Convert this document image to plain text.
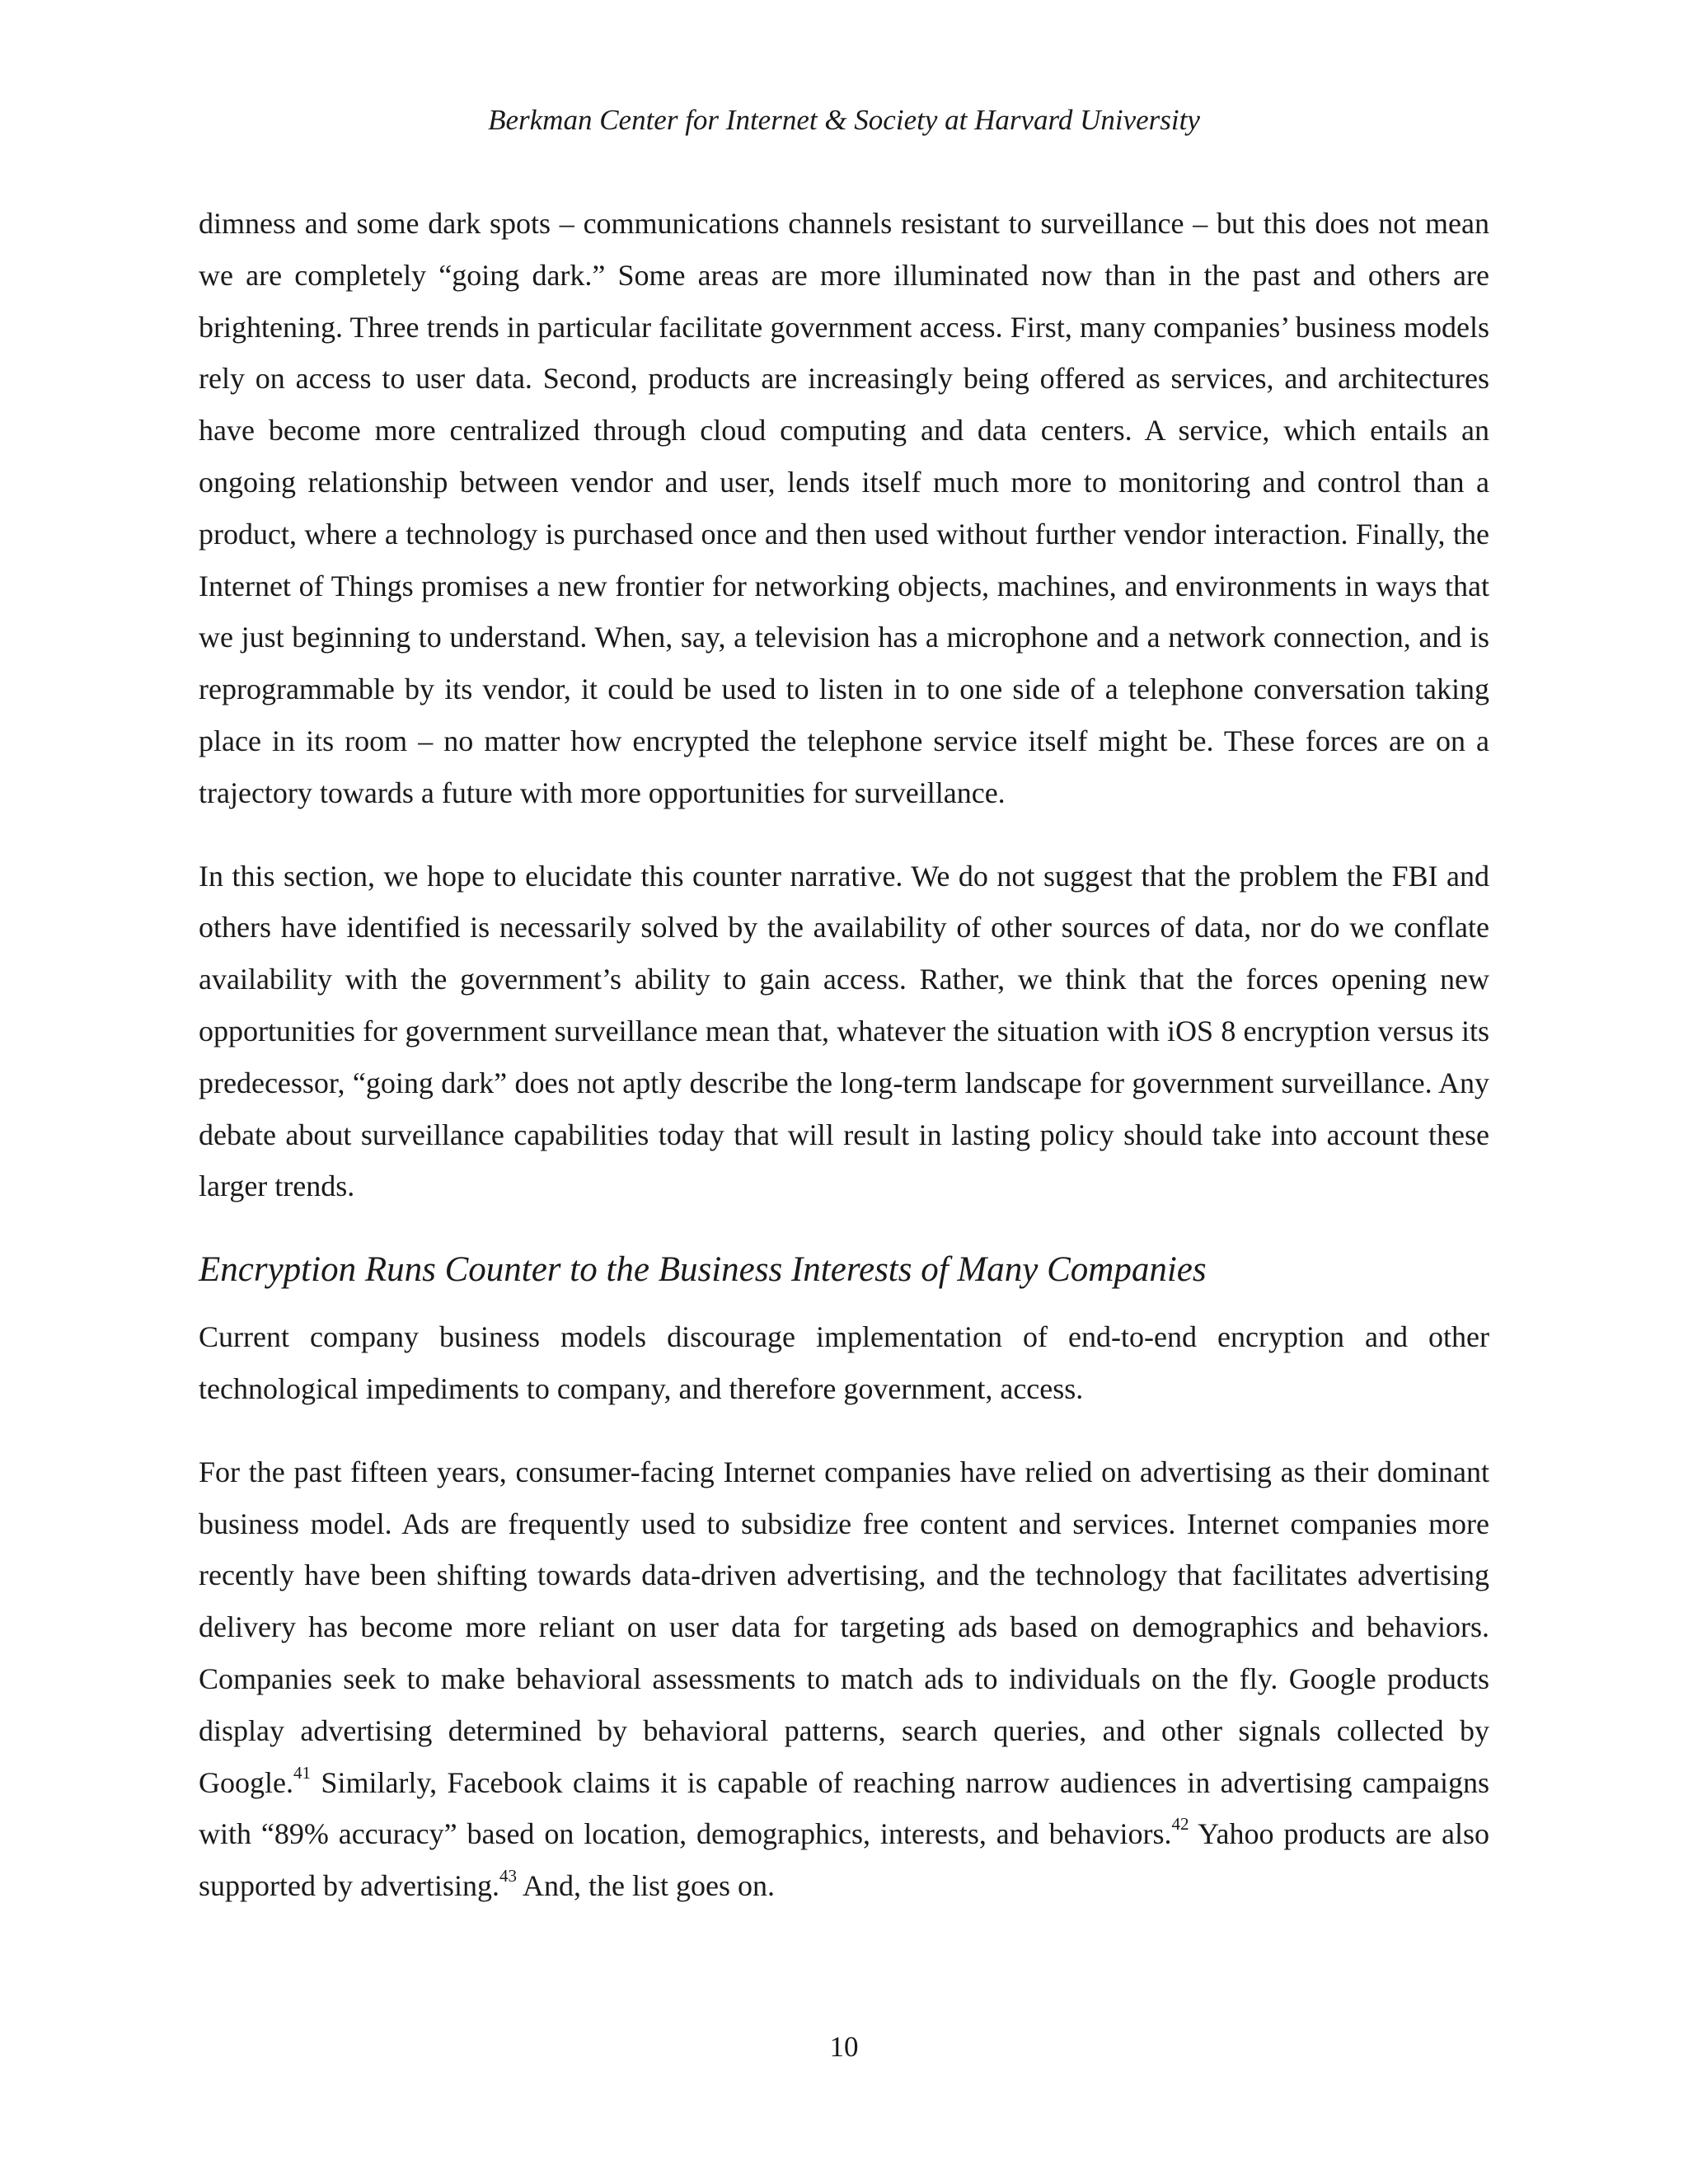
Berkman Center for Internet & Society at Harvard University

dimness and some dark spots – communications channels resistant to surveillance – but this does not mean we are completely “going dark.” Some areas are more illuminated now than in the past and others are brightening. Three trends in particular facilitate government access. First, many companies’ business models rely on access to user data. Second, products are increasingly being offered as services, and architectures have become more centralized through cloud computing and data centers. A service, which entails an ongoing relationship between vendor and user, lends itself much more to monitoring and control than a product, where a technology is purchased once and then used without further vendor interaction. Finally, the Internet of Things promises a new frontier for networking objects, machines, and environments in ways that we just beginning to understand. When, say, a television has a microphone and a network connection, and is reprogrammable by its vendor, it could be used to listen in to one side of a telephone conversation taking place in its room – no matter how encrypted the telephone service itself might be. These forces are on a trajectory towards a future with more opportunities for surveillance.

In this section, we hope to elucidate this counter narrative. We do not suggest that the problem the FBI and others have identified is necessarily solved by the availability of other sources of data, nor do we conflate availability with the government’s ability to gain access. Rather, we think that the forces opening new opportunities for government surveillance mean that, whatever the situation with iOS 8 encryption versus its predecessor, “going dark” does not aptly describe the long-term landscape for government surveillance. Any debate about surveillance capabilities today that will result in lasting policy should take into account these larger trends.

Encryption Runs Counter to the Business Interests of Many Companies

Current company business models discourage implementation of end-to-end encryption and other technological impediments to company, and therefore government, access.

For the past fifteen years, consumer-facing Internet companies have relied on advertising as their dominant business model. Ads are frequently used to subsidize free content and services. Internet companies more recently have been shifting towards data-driven advertising, and the technology that facilitates advertising delivery has become more reliant on user data for targeting ads based on demographics and behaviors. Companies seek to make behavioral assessments to match ads to individuals on the fly. Google products display advertising determined by behavioral patterns, search queries, and other signals collected by Google.$^{41}$ Similarly, Facebook claims it is capable of reaching narrow audiences in advertising campaigns with “89% accuracy” based on location, demographics, interests, and behaviors.$^{42}$ Yahoo products are also supported by advertising.$^{43}$ And, the list goes on.

10
